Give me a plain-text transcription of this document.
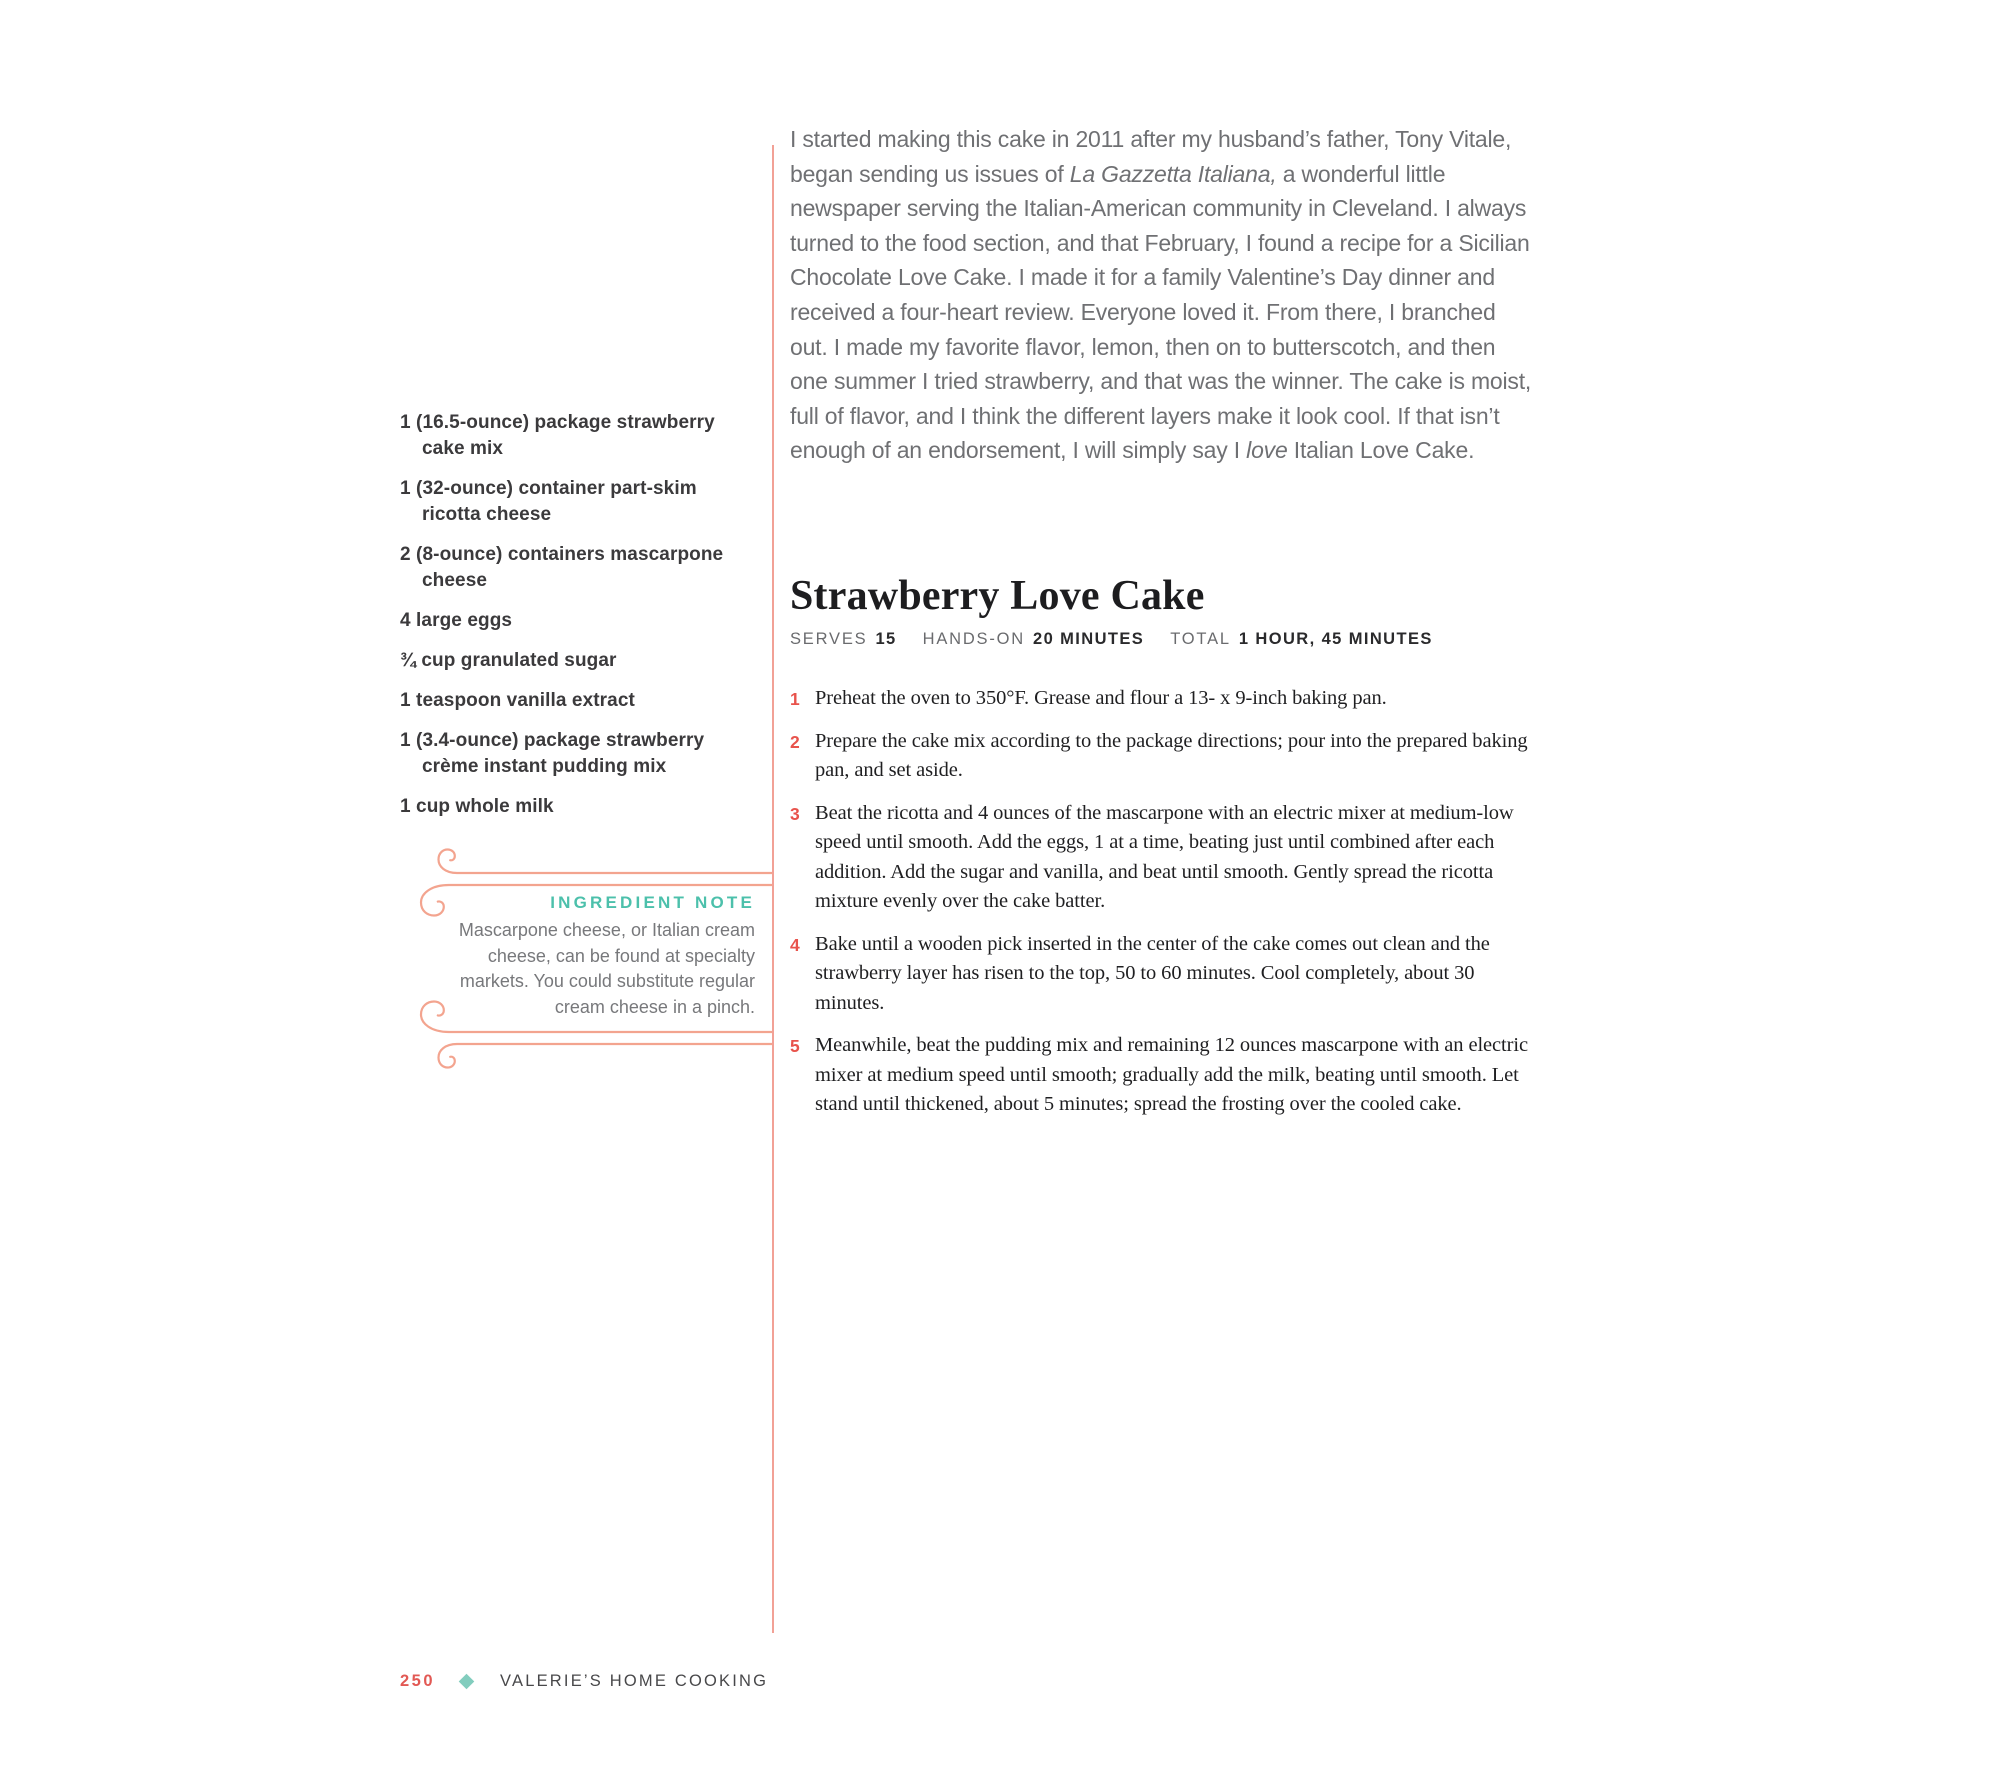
1 (16.5-ounce) package strawberry cake mix

1 (32-ounce) container part-skim ricotta cheese

2 (8-ounce) containers mascarpone cheese

4 large eggs

¾ cup granulated sugar

1 teaspoon vanilla extract

1 (3.4-ounce) package strawberry crème instant pudding mix

1 cup whole milk

INGREDIENT NOTE
Mascarpone cheese, or Italian cream cheese, can be found at specialty markets. You could substitute regular cream cheese in a pinch.

I started making this cake in 2011 after my husband’s father, Tony Vitale, began sending us issues of La Gazzetta Italiana, a wonderful little newspaper serving the Italian-American community in Cleveland. I always turned to the food section, and that February, I found a recipe for a Sicilian Chocolate Love Cake. I made it for a family Valentine’s Day dinner and received a four-heart review. Everyone loved it. From there, I branched out. I made my favorite flavor, lemon, then on to butterscotch, and then one summer I tried strawberry, and that was the winner. The cake is moist, full of flavor, and I think the different layers make it look cool. If that isn’t enough of an endorsement, I will simply say I love Italian Love Cake.

Strawberry Love Cake
SERVES 15 HANDS-ON 20 MINUTES TOTAL 1 HOUR, 45 MINUTES
1 Preheat the oven to 350°F. Grease and flour a 13- x 9-inch baking pan.
2 Prepare the cake mix according to the package directions; pour into the prepared baking pan, and set aside.
3 Beat the ricotta and 4 ounces of the mascarpone with an electric mixer at medium-low speed until smooth. Add the eggs, 1 at a time, beating just until combined after each addition. Add the sugar and vanilla, and beat until smooth. Gently spread the ricotta mixture evenly over the cake batter.
4 Bake until a wooden pick inserted in the center of the cake comes out clean and the strawberry layer has risen to the top, 50 to 60 minutes. Cool completely, about 30 minutes.
5 Meanwhile, beat the pudding mix and remaining 12 ounces mascarpone with an electric mixer at medium speed until smooth; gradually add the milk, beating until smooth. Let stand until thickened, about 5 minutes; spread the frosting over the cooled cake.
250	VALERIE’S HOME COOKING
